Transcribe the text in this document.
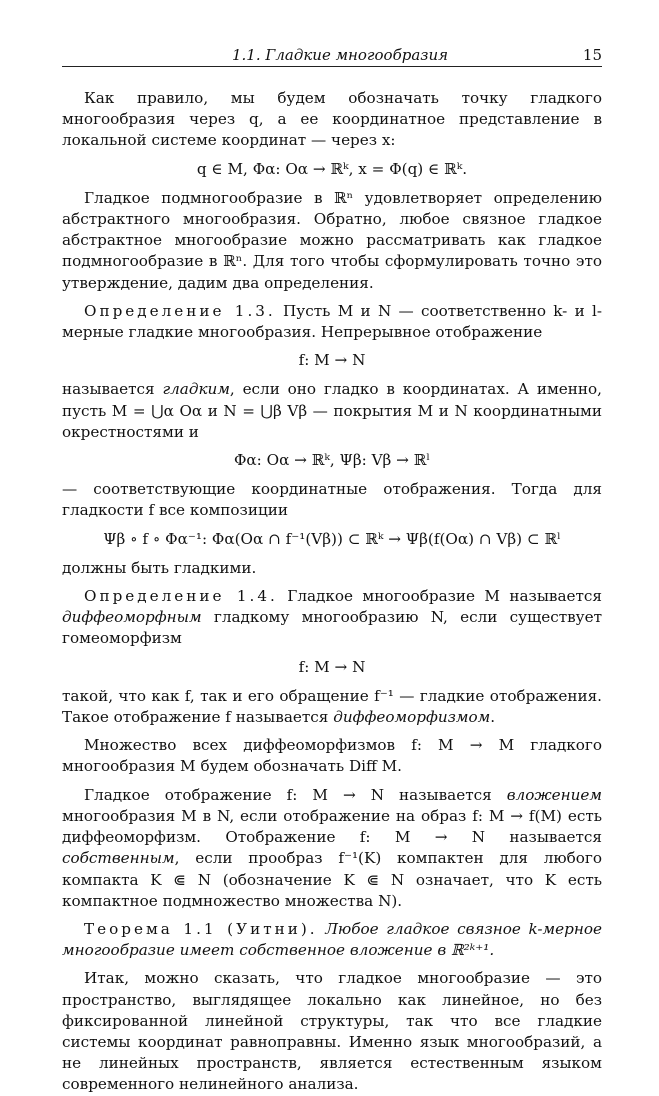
1.1. Гладкие многообразия	15

Как правило, мы будем обозначать точку гладкого многообразия через q, а ее координатное представление в локальной системе координат — через x:

q ∈ M, Φα: Oα → ℝᵏ, x = Φ(q) ∈ ℝᵏ.

Гладкое подмногообразие в ℝⁿ удовлетворяет определению абстрактного многообразия. Обратно, любое связное гладкое абстрактное многообразие можно рассматривать как гладкое подмногообразие в ℝⁿ. Для того чтобы сформулировать точно это утверждение, дадим два определения.

Определение 1.3. Пусть M и N — соответственно k- и l-мерные гладкие многообразия. Непрерывное отображение

f: M → N

называется гладким, если оно гладко в координатах. А именно, пусть M = ⋃α Oα и N = ⋃β Vβ — покрытия M и N координатными окрестностями и

Φα: Oα → ℝᵏ, Ψβ: Vβ → ℝˡ

— соответствующие координатные отображения. Тогда для гладкости f все композиции

Ψβ ∘ f ∘ Φα⁻¹: Φα(Oα ∩ f⁻¹(Vβ)) ⊂ ℝᵏ → Ψβ(f(Oα) ∩ Vβ) ⊂ ℝˡ

должны быть гладкими.

Определение 1.4. Гладкое многообразие M называется диффеоморфным гладкому многообразию N, если существует гомеоморфизм

f: M → N

такой, что как f, так и его обращение f⁻¹ — гладкие отображения. Такое отображение f называется диффеоморфизмом.

Множество всех диффеоморфизмов f: M → M гладкого многообразия M будем обозначать Diff M.

Гладкое отображение f: M → N называется вложением многообразия M в N, если отображение на образ f: M → f(M) есть диффеоморфизм. Отображение f: M → N называется собственным, если прообраз f⁻¹(K) компактен для любого компакта K ⋐ N (обозначение K ⋐ N означает, что K есть компактное подмножество множества N).

Теорема 1.1 (Уитни). Любое гладкое связное k-мерное многообразие имеет собственное вложение в ℝ²ᵏ⁺¹.

Итак, можно сказать, что гладкое многообразие — это пространство, выглядящее локально как линейное, но без фиксированной линейной структуры, так что все гладкие системы координат равноправны. Именно язык многообразий, а не линейных пространств, является естественным языком современного нелинейного анализа.
